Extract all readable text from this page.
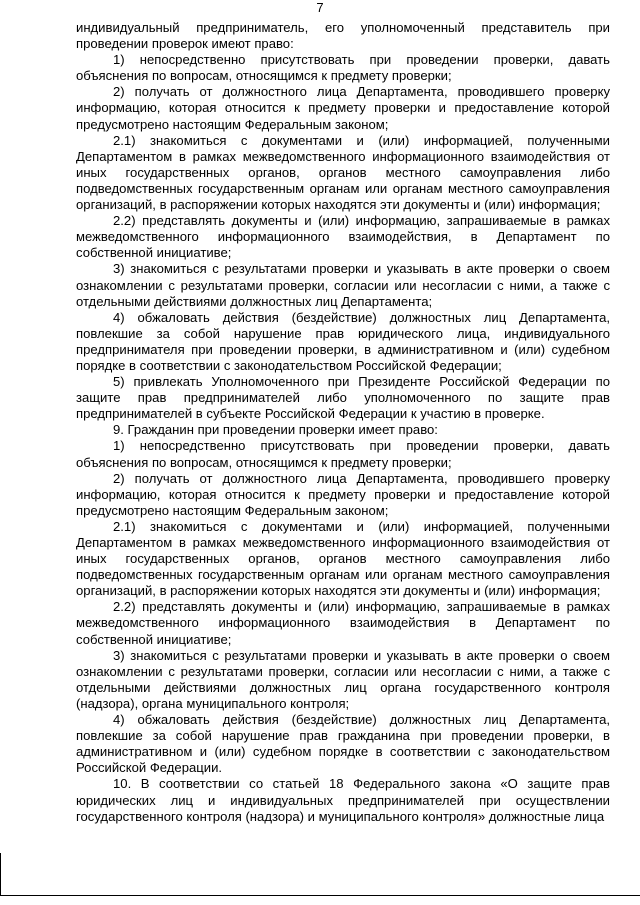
7

индивидуальный предприниматель, его уполномоченный представитель при проведении проверок имеют право:

1) непосредственно присутствовать при проведении проверки, давать объяснения по вопросам, относящимся к предмету проверки;

2) получать от должностного лица Департамента, проводившего проверку информацию, которая относится к предмету проверки и предоставление которой предусмотрено настоящим Федеральным законом;

2.1) знакомиться с документами и (или) информацией, полученными Департаментом в рамках межведомственного информационного взаимодействия от иных государственных органов, органов местного самоуправления либо подведомственных государственным органам или органам местного самоуправления организаций, в распоряжении которых находятся эти документы и (или) информация;

2.2) представлять документы и (или) информацию, запрашиваемые в рамках межведомственного информационного взаимодействия, в Департамент по собственной инициативе;

3) знакомиться с результатами проверки и указывать в акте проверки о своем ознакомлении с результатами проверки, согласии или несогласии с ними, а также с отдельными действиями должностных лиц Департамента;

4) обжаловать действия (бездействие) должностных лиц Департамента, повлекшие за собой нарушение прав юридического лица, индивидуального предпринимателя при проведении проверки, в административном и (или) судебном порядке в соответствии с законодательством Российской Федерации;

5) привлекать Уполномоченного при Президенте Российской Федерации по защите прав предпринимателей либо уполномоченного по защите прав предпринимателей в субъекте Российской Федерации к участию в проверке.

9. Гражданин при проведении проверки имеет право:

1) непосредственно присутствовать при проведении проверки, давать объяснения по вопросам, относящимся к предмету проверки;

2) получать от должностного лица Департамента, проводившего проверку информацию, которая относится к предмету проверки и предоставление которой предусмотрено настоящим Федеральным законом;

2.1) знакомиться с документами и (или) информацией, полученными Департаментом в рамках межведомственного информационного взаимодействия от иных государственных органов, органов местного самоуправления либо подведомственных государственным органам или органам местного самоуправления организаций, в распоряжении которых находятся эти документы и (или) информация;

2.2) представлять документы и (или) информацию, запрашиваемые в рамках межведомственного информационного взаимодействия в Департамент по собственной инициативе;

3) знакомиться с результатами проверки и указывать в акте проверки о своем ознакомлении с результатами проверки, согласии или несогласии с ними, а также с отдельными действиями должностных лиц органа государственного контроля (надзора), органа муниципального контроля;

4) обжаловать действия (бездействие) должностных лиц Департамента, повлекшие за собой нарушение прав гражданина при проведении проверки, в административном и (или) судебном порядке в соответствии с законодательством Российской Федерации.

10. В соответствии со статьей 18 Федерального закона «О защите прав юридических лиц и индивидуальных предпринимателей при осуществлении государственного контроля (надзора) и муниципального контроля» должностные лица
